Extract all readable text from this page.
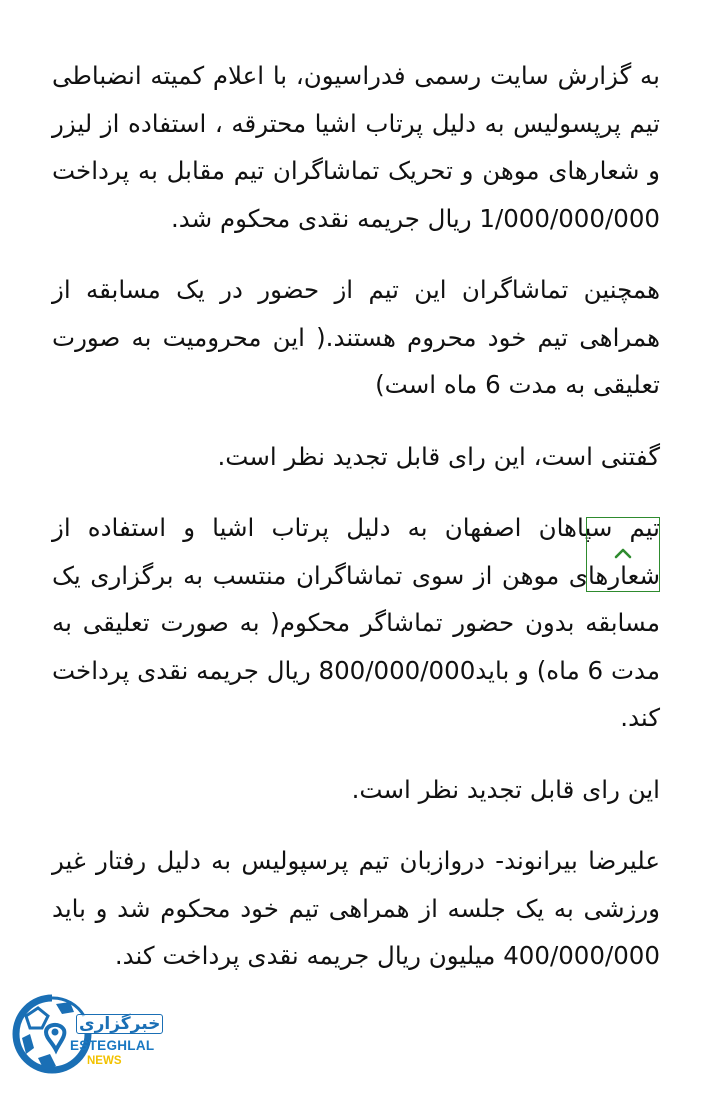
به گزارش سایت رسمی فدراسیون، با اعلام کمیته انضباطی تیم پرپسولیس به دلیل پرتاب اشیا محترقه ، استفاده از لیزر و شعارهای موهن و تحریک تماشاگران تیم مقابل به پرداخت 1/000/000/000 ریال جریمه نقدی محکوم شد.

همچنین تماشاگران این تیم از حضور در یک مسابقه از همراهی تیم خود محروم هستند.( این محرومیت به صورت تعلیقی به مدت 6 ماه است)

گفتنی است، این رای قابل تجدید نظر است.

تیم سپاهان اصفهان به دلیل پرتاب اشیا و استفاده از شعارهای موهن از سوی تماشاگران منتسب به برگزاری یک مسابقه بدون حضور تماشاگر محکوم( به صورت تعلیقی به مدت 6 ماه) و باید800/000/000 ریال جریمه نقدی پرداخت کند.

این رای قابل تجدید نظر است.

علیرضا بیرانوند- دروازبان تیم پرسپولیس به دلیل رفتار غیر ورزشی به یک جلسه از همراهی تیم خود محکوم شد و باید 400/000/000 میلیون ریال جریمه نقدی پرداخت کند.

خبرگزاری
ESTEGHLAL
NEWS
